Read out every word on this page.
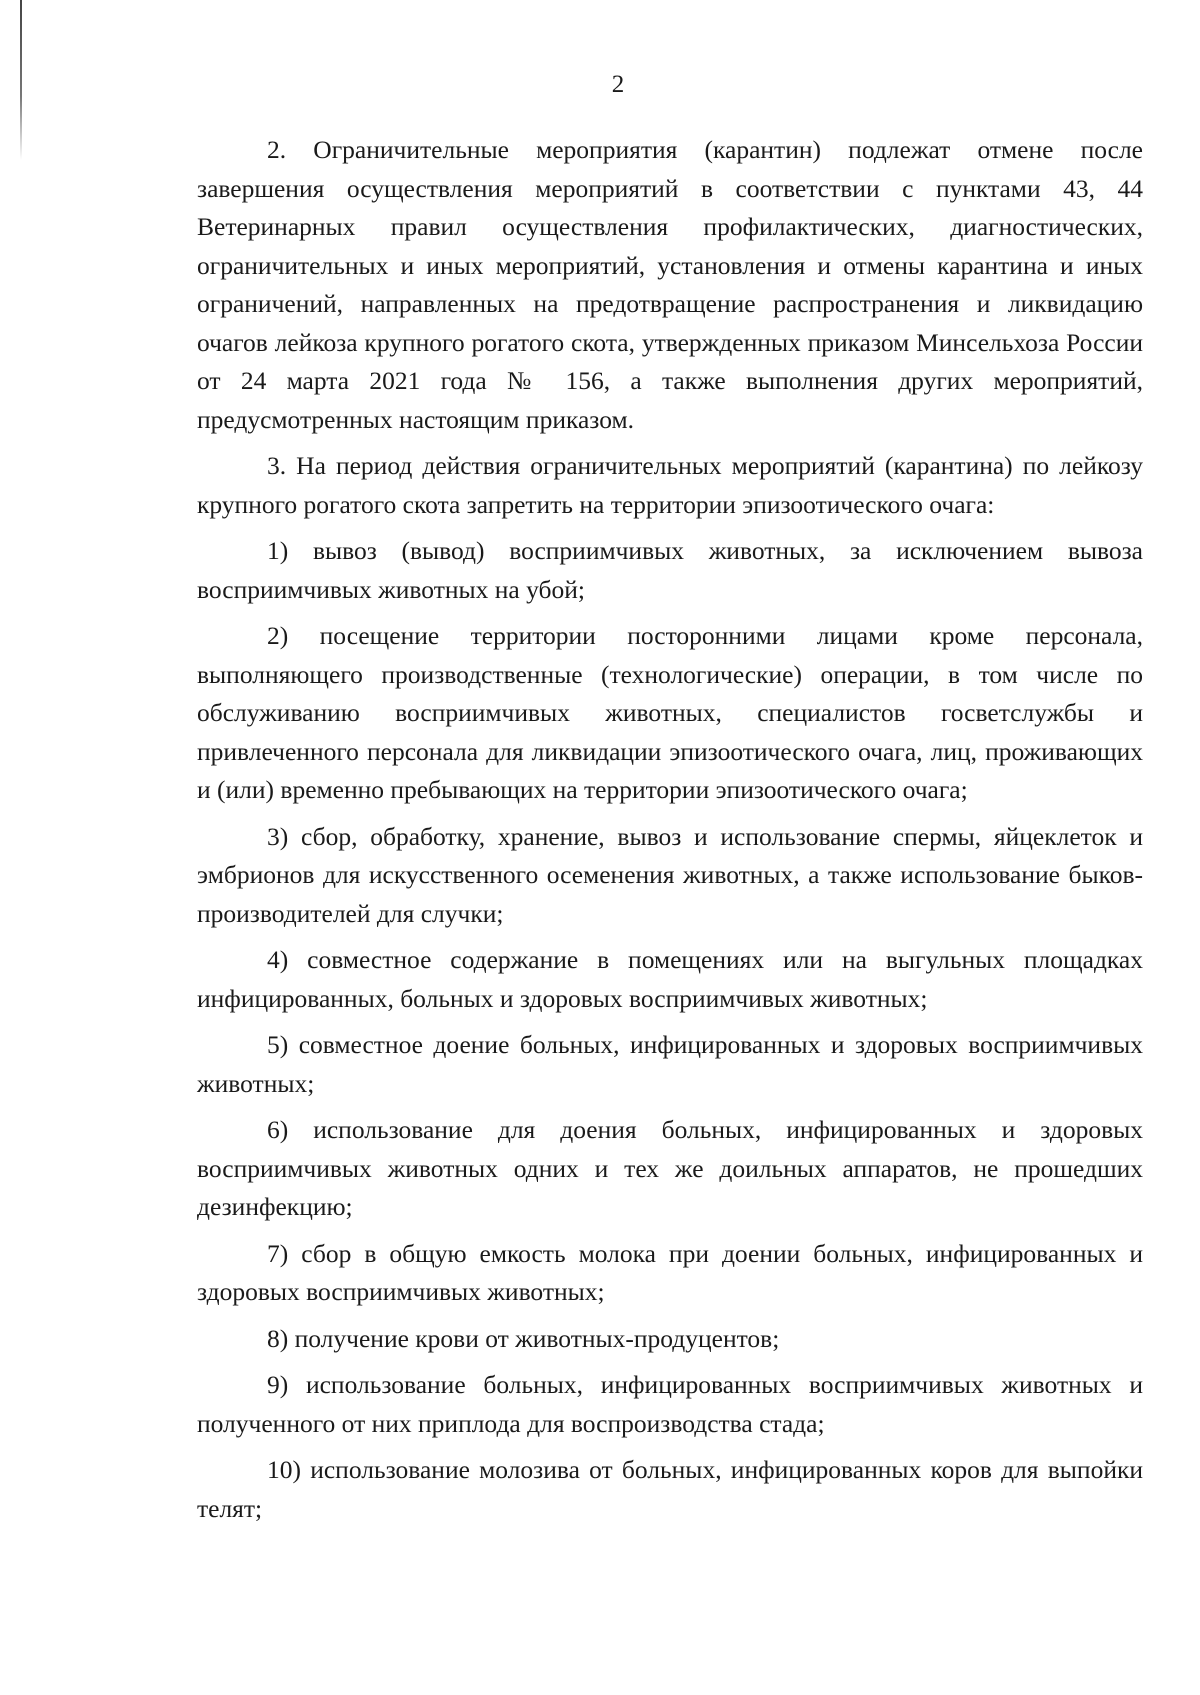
2

2. Ограничительные мероприятия (карантин) подлежат отмене после завершения осуществления мероприятий в соответствии с пунктами 43, 44 Ветеринарных правил осуществления профилактических, диагностических, ограничительных и иных мероприятий, установления и отмены карантина и иных ограничений, направленных на предотвращение распространения и ликвидацию очагов лейкоза крупного рогатого скота, утвержденных приказом Минсельхоза России от 24 марта 2021 года № 156, а также выполнения других мероприятий, предусмотренных настоящим приказом.

3. На период действия ограничительных мероприятий (карантина) по лейкозу крупного рогатого скота запретить на территории эпизоотического очага:

1) вывоз (вывод) восприимчивых животных, за исключением вывоза восприимчивых животных на убой;

2) посещение территории посторонними лицами кроме персонала, выполняющего производственные (технологические) операции, в том числе по обслуживанию восприимчивых животных, специалистов госветслужбы и привлеченного персонала для ликвидации эпизоотического очага, лиц, проживающих и (или) временно пребывающих на территории эпизоотического очага;

3) сбор, обработку, хранение, вывоз и использование спермы, яйцеклеток и эмбрионов для искусственного осеменения животных, а также использование быков-производителей для случки;

4) совместное содержание в помещениях или на выгульных площадках инфицированных, больных и здоровых восприимчивых животных;

5) совместное доение больных, инфицированных и здоровых восприимчивых животных;

6) использование для доения больных, инфицированных и здоровых восприимчивых животных одних и тех же доильных аппаратов, не прошедших дезинфекцию;

7) сбор в общую емкость молока при доении больных, инфицированных и здоровых восприимчивых животных;

8) получение крови от животных-продуцентов;

9) использование больных, инфицированных восприимчивых животных и полученного от них приплода для воспроизводства стада;

10) использование молозива от больных, инфицированных коров для выпойки телят;
